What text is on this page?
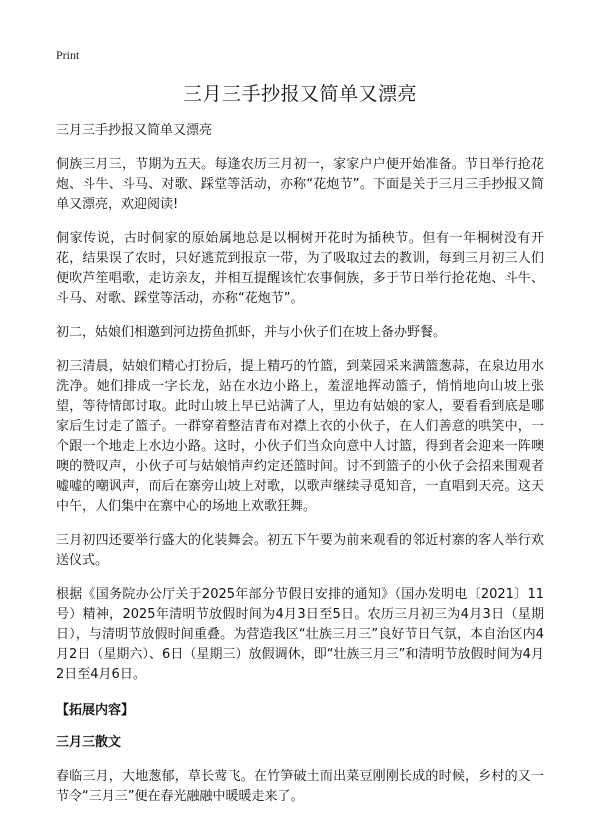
Print
三月三手抄报又简单又漂亮

三月三手抄报又简单又漂亮

侗族三月三，节期为五天。每逢农历三月初一，家家户户便开始准备。节日举行抢花炮、斗牛、斗马、对歌、踩堂等活动，亦称“花炮节”。下面是关于三月三手抄报又简单又漂亮，欢迎阅读!

侗家传说，古时侗家的原始属地总是以桐树开花时为插秧节。但有一年桐树没有开花，结果误了农时，只好逃荒到报京一带，为了吸取过去的教训，每到三月初三人们便吹芦笙唱歌，走访亲友，并相互提醒该忙农事侗族，多于节日举行抢花炮、斗牛、斗马、对歌、踩堂等活动，亦称“花炮节”。

初二，姑娘们相邀到河边捞鱼抓虾，并与小伙子们在坡上备办野餐。

初三清晨，姑娘们精心打扮后，提上精巧的竹篮，到菜园采来满篮葱蒜，在泉边用水洗净。她们排成一字长龙，站在水边小路上，羞涩地挥动篮子，悄悄地向山坡上张望，等待情郎讨取。此时山坡上早已站满了人，里边有姑娘的家人，要看看到底是哪家后生讨走了篮子。一群穿着整洁青布对襟上衣的小伙子，在人们善意的哄笑中，一个跟一个地走上水边小路。这时，小伙子们当众向意中人讨篮，得到者会迎来一阵噢噢的赞叹声，小伙子可与姑娘悄声约定还篮时间。讨不到篮子的小伙子会招来围观者嘘嘘的嘲讽声，而后在寨旁山坡上对歌，以歌声继续寻觅知音，一直唱到天亮。这天中午，人们集中在寨中心的场地上欢歌狂舞。

三月初四还要举行盛大的化装舞会。初五下午要为前来观看的邻近村寨的客人举行欢送仪式。

根据《国务院办公厅关于2025年部分节假日安排的通知》（国办发明电〔2021〕11号）精神，2025年清明节放假时间为4月3日至5日。农历三月初三为4月3日（星期日），与清明节放假时间重叠。为营造我区“壮族三月三”良好节日气氛，本自治区内4月2日（星期六）、6日（星期三）放假调休，即“壮族三月三”和清明节放假时间为4月2日至4月6日。

【拓展内容】

三月三散文

春临三月，大地葱郁，草长莺飞。在竹笋破土而出菜豆刚刚长成的时候，乡村的又一节令“三月三”便在春光融融中暖暖走来了。
